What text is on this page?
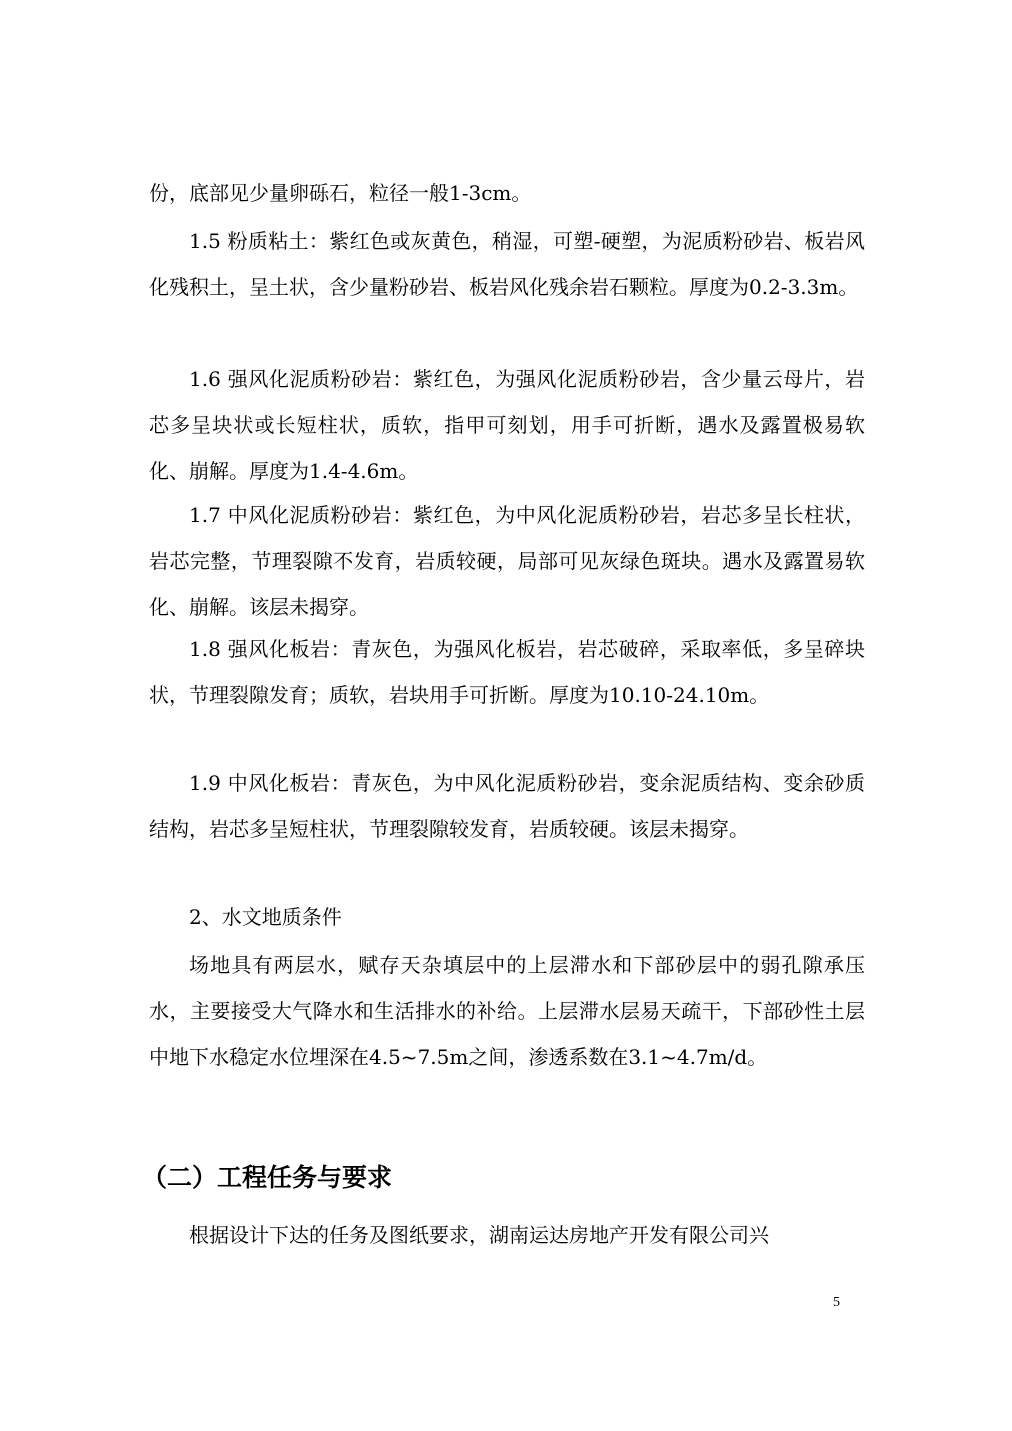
份，底部见少量卵砾石，粒径一般1-3cm。

1.5 粉质粘土：紫红色或灰黄色，稍湿，可塑-硬塑，为泥质粉砂岩、板岩风化残积土，呈土状，含少量粉砂岩、板岩风化残余岩石颗粒。厚度为0.2-3.3m。

1.6 强风化泥质粉砂岩：紫红色，为强风化泥质粉砂岩，含少量云母片，岩芯多呈块状或长短柱状，质软，指甲可刻划，用手可折断，遇水及露置极易软化、崩解。厚度为1.4-4.6m。

1.7 中风化泥质粉砂岩：紫红色，为中风化泥质粉砂岩，岩芯多呈长柱状，岩芯完整，节理裂隙不发育，岩质较硬，局部可见灰绿色斑块。遇水及露置易软化、崩解。该层未揭穿。

1.8 强风化板岩：青灰色，为强风化板岩，岩芯破碎，采取率低，多呈碎块状，节理裂隙发育；质软，岩块用手可折断。厚度为10.10-24.10m。

1.9 中风化板岩：青灰色，为中风化泥质粉砂岩，变余泥质结构、变余砂质结构，岩芯多呈短柱状，节理裂隙较发育，岩质较硬。该层未揭穿。

2、水文地质条件

场地具有两层水，赋存天杂填层中的上层滞水和下部砂层中的弱孔隙承压水，主要接受大气降水和生活排水的补给。上层滞水层易天疏干，下部砂性土层中地下水稳定水位埋深在4.5~7.5m之间，渗透系数在3.1~4.7m/d。

（二）工程任务与要求

根据设计下达的任务及图纸要求，湖南运达房地产开发有限公司兴

5
